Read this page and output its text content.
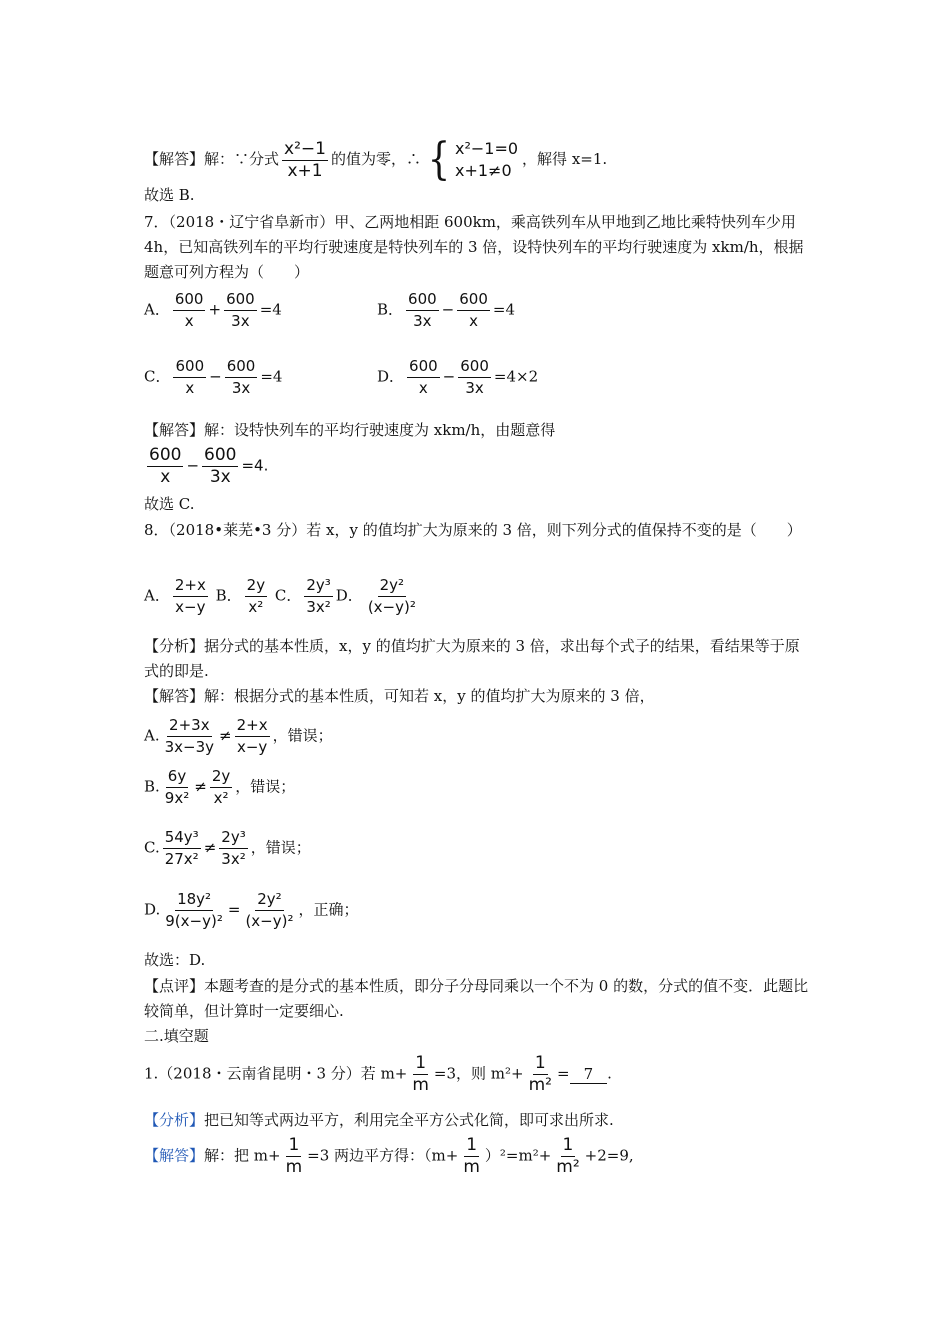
【解答】解：∵分式 $\frac{\text{x²−1}}{x+1}$ 的值为零，∴ { x²−1=0
x+1≠0
，解得 x=1.
故选 B.
7．（2018・辽宁省阜新市）甲、乙两地相距 600km，乘高铁列车从甲地到乙地比乘特快列车少用 4h，已知高铁列车的平均行驶速度是特快列车的 3 倍，设特快列车的平均行驶速度为 xkm/h，根据题意可列方程为（　　）
A． $\frac{600}{x} + \frac{600}{3x} =4$	B． $\frac{600}{3x} - \frac{600}{x} =4$
C． $\frac{600}{x} - \frac{600}{3x} =4$	D． $\frac{600}{x} - \frac{600}{3x} =4\times 2$
【解答】解：设特快列车的平均行驶速度为 xkm/h，由题意得
$\frac{600}{x} - \frac{600}{3x} =4$.
故选 C.
8．（2018•莱芜•3 分）若 x，y 的值均扩大为原来的 3 倍，则下列分式的值保持不变的是（　　）
A． $\frac{2+x}{x-y}$ B． $\frac{2y}{\text{x²}}$ C． $\frac{\text{2y³}}{\text{3x²}}$ D． $\frac{\text{2y²}}{\text{(x−y)²}}$
【分析】据分式的基本性质，x，y 的值均扩大为原来的 3 倍，求出每个式子的结果，看结果等于原式的即是.
【解答】解：根据分式的基本性质，可知若 x，y 的值均扩大为原来的 3 倍，
A. $\frac{2+3x}{3x-3y} \ne \frac{2+x}{x-y}$ ，错误；
B. $\frac{6y}{\text{9x²}} \ne \frac{2y}{\text{x²}}$ ，错误；
C. $\frac{\text{54y³}}{\text{27x²}} \ne \frac{\text{2y³}}{\text{3x²}}$ ，错误；
D. $\frac{\text{18y²}}{\text{9(x−y)²}} = \frac{\text{2y²}}{\text{(x−y)²}}$ ，正确；
故选：D.
【点评】本题考查的是分式的基本性质，即分子分母同乘以一个不为 0 的数，分式的值不变．此题比较简单，但计算时一定要细心.
二.填空题
1.（2018・云南省昆明・3 分）若 $m+ \frac{1}{m} =3$，则 $m^2+ \frac{1}{\text{m²}} = 7$ .
【分析】把已知等式两边平方，利用完全平方公式化简，即可求出所求.
【解答】解：把 $m+ \frac{1}{m} =3$ 两边平方得：$(m+ \frac{1}{m} )^2=m^2+ \frac{1}{\text{m²}} +2=9$,
